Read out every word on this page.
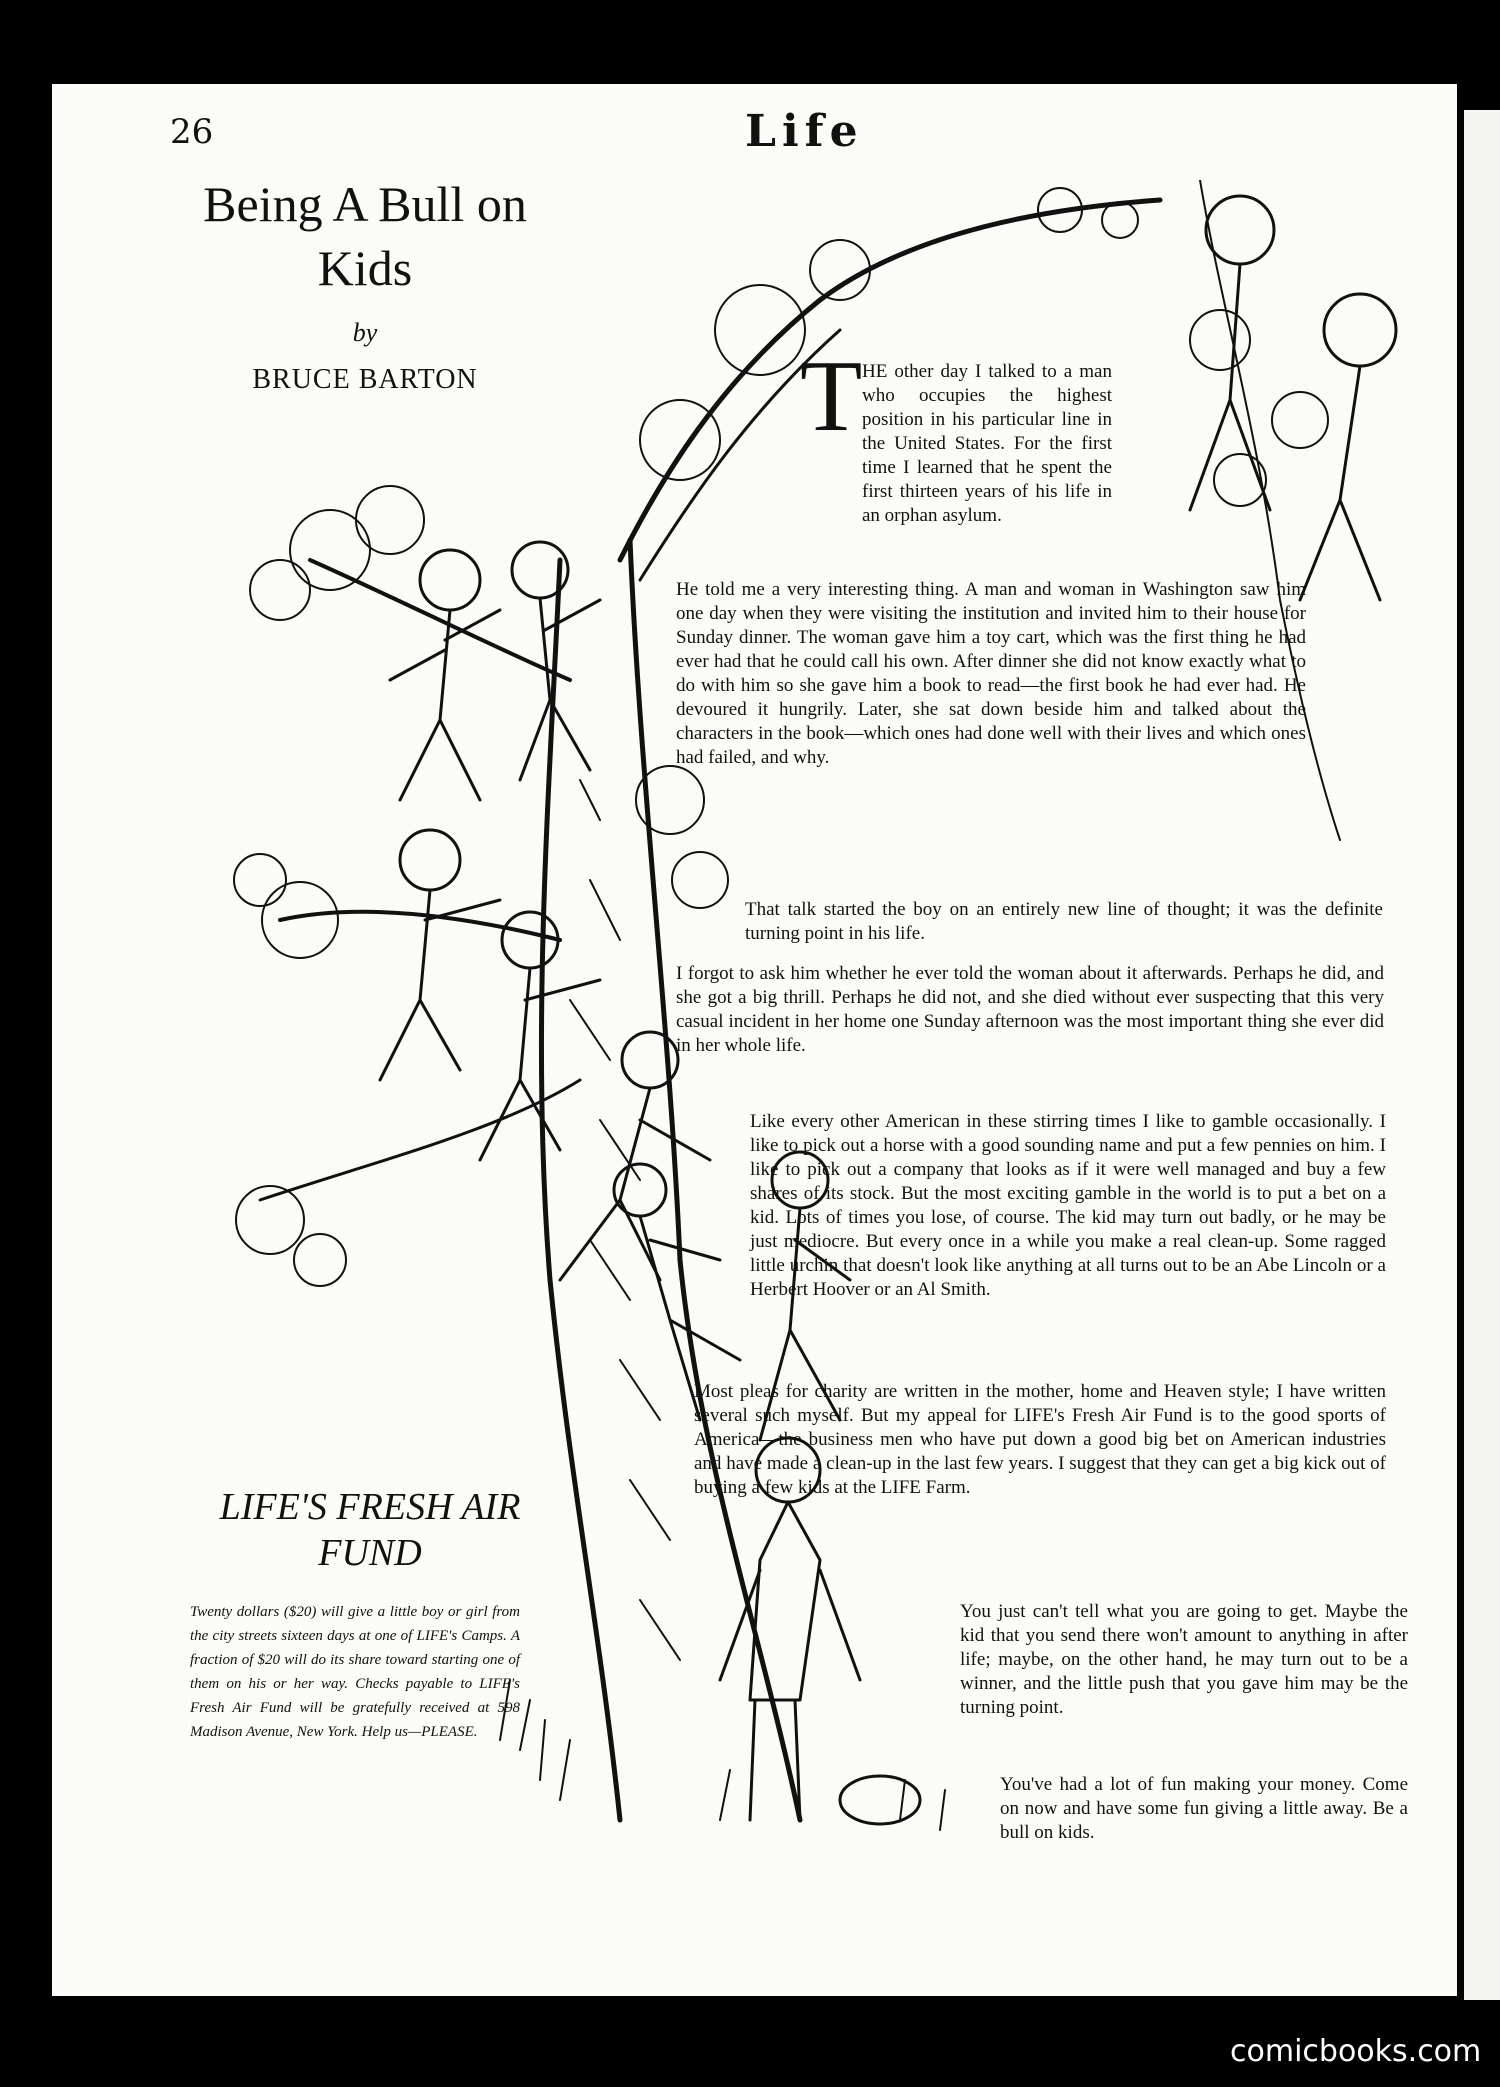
26	Life
Being A Bull on Kids
by
BRUCE BARTON	T HE other day I talked to a man who occupies the highest position in his particular line in the United States. For the first time I learned that he spent the first thirteen years of his life in an orphan asylum.

He told me a very interesting thing. A man and woman in Washington saw him one day when they were visiting the institution and invited him to their house for Sunday dinner. The woman gave him a toy cart, which was the first thing he had ever had that he could call his own. After dinner she did not know exactly what to do with him so she gave him a book to read—the first book he had ever had. He devoured it hungrily. Later, she sat down beside him and talked about the characters in the book—which ones had done well with their lives and which ones had failed, and why.

That talk started the boy on an entirely new line of thought; it was the definite turning point in his life.

I forgot to ask him whether he ever told the woman about it afterwards. Perhaps he did, and she got a big thrill. Perhaps he did not, and she died without ever suspecting that this very casual incident in her home one Sunday afternoon was the most important thing she ever did in her whole life.

Like every other American in these stirring times I like to gamble occasionally. I like to pick out a horse with a good sounding name and put a few pennies on him. I like to pick out a company that looks as if it were well managed and buy a few shares of its stock. But the most exciting gamble in the world is to put a bet on a kid. Lots of times you lose, of course. The kid may turn out badly, or he may be just mediocre. But every once in a while you make a real clean-up. Some ragged little urchin that doesn't look like anything at all turns out to be an Abe Lincoln or a Herbert Hoover or an Al Smith.

Most pleas for charity are written in the mother, home and Heaven style; I have written several such myself. But my appeal for LIFE's Fresh Air Fund is to the good sports of America—the business men who have put down a good big bet on American industries and have made a clean-up in the last few years. I suggest that they can get a big kick out of buying a few kids at the LIFE Farm.

You just can't tell what you are going to get. Maybe the kid that you send there won't amount to anything in after life; maybe, on the other hand, he may turn out to be a winner, and the little push that you gave him may be the turning point.

You've had a lot of fun making your money. Come on now and have some fun giving a little away. Be a bull on kids.

LIFE'S FRESH AIR FUND

Twenty dollars ($20) will give a little boy or girl from the city streets sixteen days at one of LIFE's Camps. A fraction of $20 will do its share toward starting one of them on his or her way. Checks payable to LIFE's Fresh Air Fund will be gratefully received at 598 Madison Avenue, New York. Help us—PLEASE.

comicbooks.com
